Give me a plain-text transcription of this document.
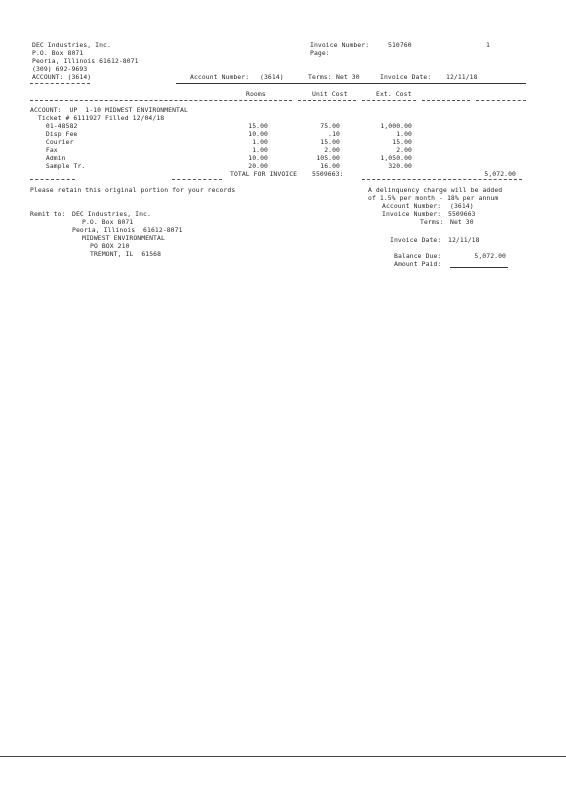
DEC Industries, Inc.
P.O. Box 8071
Peoria, Illinois 61612-8071
(309) 692-9693
ACCOUNT: (3614)
Invoice Number:	510760	1
Page:
Account Number: (3614)	Terms: Net 30	Invoice Date: 12/11/18
Rooms	Unit Cost	Ext. Cost
ACCOUNT:  UP  1-10 MIDWEST ENVIRONMENTAL
Ticket # 6111927 Filled 12/04/18
01-48582	15.00	75.00	1,000.00
Disp Fee	10.00	.10	1.00
Courier	1.00	15.00	15.00
Fax	1.00	2.00	2.00
Admin	10.00	105.00	1,050.00
Sample Tr.	20.00	16.00	320.00
TOTAL FOR INVOICE 5509663:	5,072.00
Please retain this original portion for your records	A delinquency charge will be added
of 1.5% per month - 18% per annum
Account Number: (3614)
Remit to: DEC Industries, Inc.	Invoice Number: 5509663
P.O. Box 8071	Terms: Net 30
Peoria, Illinois  61612-8071
MIDWEST ENVIRONMENTAL	Invoice Date: 12/11/18
PO BOX 210
TREMONT, IL  61568	Balance Due:	5,072.00
Amount Paid:
